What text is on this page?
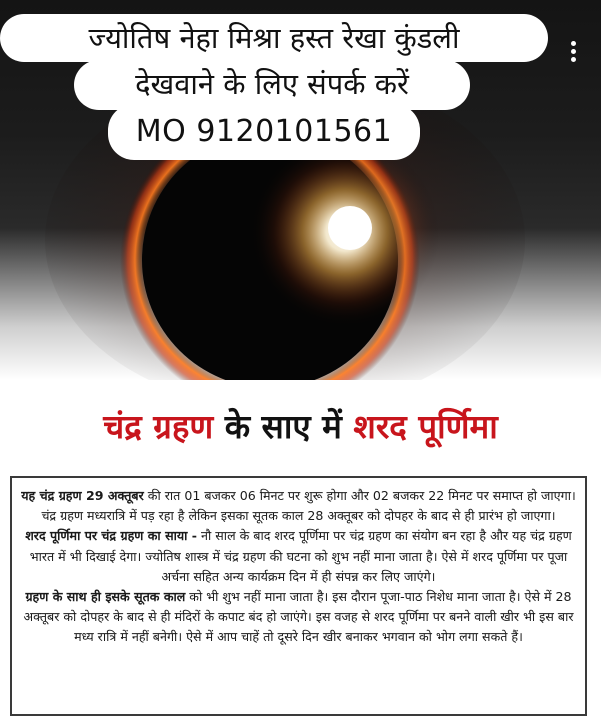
ज्योतिष नेहा मिश्रा हस्त रेखा कुंडली
देखवाने के लिए संपर्क करें
MO 9120101561
चंद्र ग्रहण के साए में शरद पूर्णिमा

यह चंद्र ग्रहण 29 अक्तूबर की रात 01 बजकर 06 मिनट पर शुरू होगा और 02 बजकर 22 मिनट पर समाप्त हो जाएगा। चंद्र ग्रहण मध्यरात्रि में पड़ रहा है लेकिन इसका सूतक काल 28 अक्तूबर को दोपहर के बाद से ही प्रारंभ हो जाएगा।

शरद पूर्णिमा पर चंद्र ग्रहण का साया - नौ साल के बाद शरद पूर्णिमा पर चंद्र ग्रहण का संयोग बन रहा है और यह चंद्र ग्रहण भारत में भी दिखाई देगा। ज्योतिष शास्त्र में चंद्र ग्रहण की घटना को शुभ नहीं माना जाता है। ऐसे में शरद पूर्णिमा पर पूजा अर्चना सहित अन्य कार्यक्रम दिन में ही संपन्न कर लिए जाएंगे।

ग्रहण के साथ ही इसके सूतक काल को भी शुभ नहीं माना जाता है। इस दौरान पूजा-पाठ निशेध माना जाता है। ऐसे में 28 अक्तूबर को दोपहर के बाद से ही मंदिरों के कपाट बंद हो जाएंगे। इस वजह से शरद पूर्णिमा पर बनने वाली खीर भी इस बार मध्य रात्रि में नहीं बनेगी। ऐसे में आप चाहें तो दूसरे दिन खीर बनाकर भगवान को भोग लगा सकते हैं।
